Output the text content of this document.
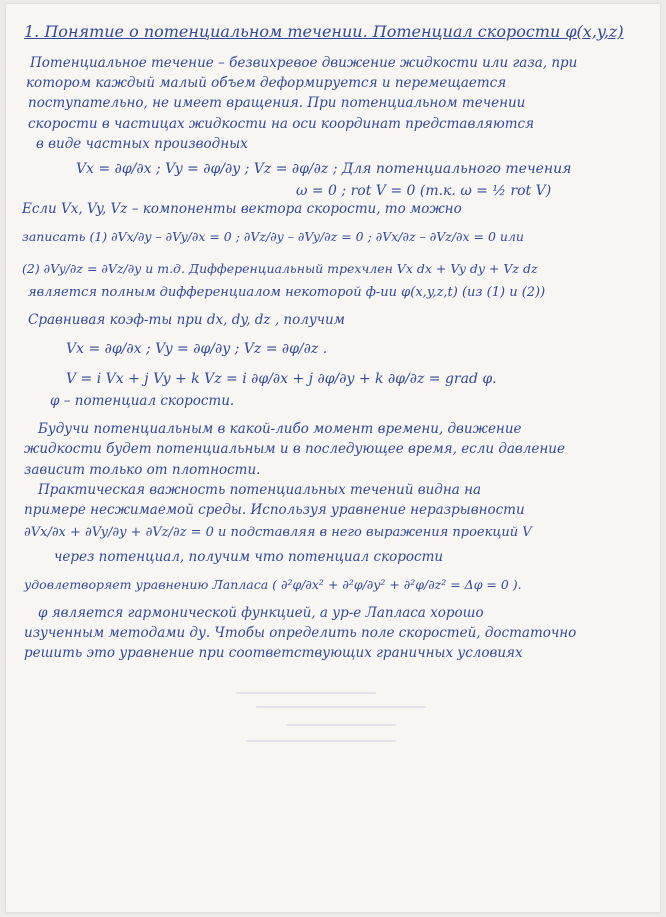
1. Понятие о потенциальном течении. Потенциал скорости φ(x,y,z)
Потенциальное течение – безвихревое движение жидкости или газа, при
котором каждый малый объем деформируется и перемещается
поступательно, не имеет вращения. При потенциальном течении
скорости в частицах жидкости на оси координат представляются
в виде частных производных
Vx = ∂φ/∂x ; Vy = ∂φ/∂y ; Vz = ∂φ/∂z ; Для потенциального течения
ω = 0 ; rot V = 0 (т.к. ω = ½ rot V)
Если Vx, Vy, Vz – компоненты вектора скорости, то можно
записать (1) ∂Vx/∂y – ∂Vy/∂x = 0 ; ∂Vz/∂y – ∂Vy/∂z = 0 ; ∂Vx/∂z – ∂Vz/∂x = 0 или
(2) ∂Vy/∂z = ∂Vz/∂y и т.д. Дифференциальный трехчлен Vx dx + Vy dy + Vz dz
является полным дифференциалом некоторой ф-ии φ(x,y,z,t) (из (1) и (2))
Сравнивая коэф-ты при dx, dy, dz , получим
Vx = ∂φ/∂x ; Vy = ∂φ/∂y ; Vz = ∂φ/∂z .
V = i Vx + j Vy + k Vz = i ∂φ/∂x + j ∂φ/∂y + k ∂φ/∂z = grad φ.
φ – потенциал скорости.
Будучи потенциальным в какой-либо момент времени, движение
жидкости будет потенциальным и в последующее время, если давление
зависит только от плотности.
Практическая важность потенциальных течений видна на
примере несжимаемой среды. Используя уравнение неразрывности
∂Vx/∂x + ∂Vy/∂y + ∂Vz/∂z = 0 и подставляя в него выражения проекций V
через потенциал, получим что потенциал скорости
удовлетворяет уравнению Лапласа ( ∂²φ/∂x² + ∂²φ/∂y² + ∂²φ/∂z² = Δφ = 0 ).
φ является гармонической функцией, а ур-е Лапласа хорошо
изученным методами ду. Чтобы определить поле скоростей, достаточно
решить это уравнение при соответствующих граничных условиях
